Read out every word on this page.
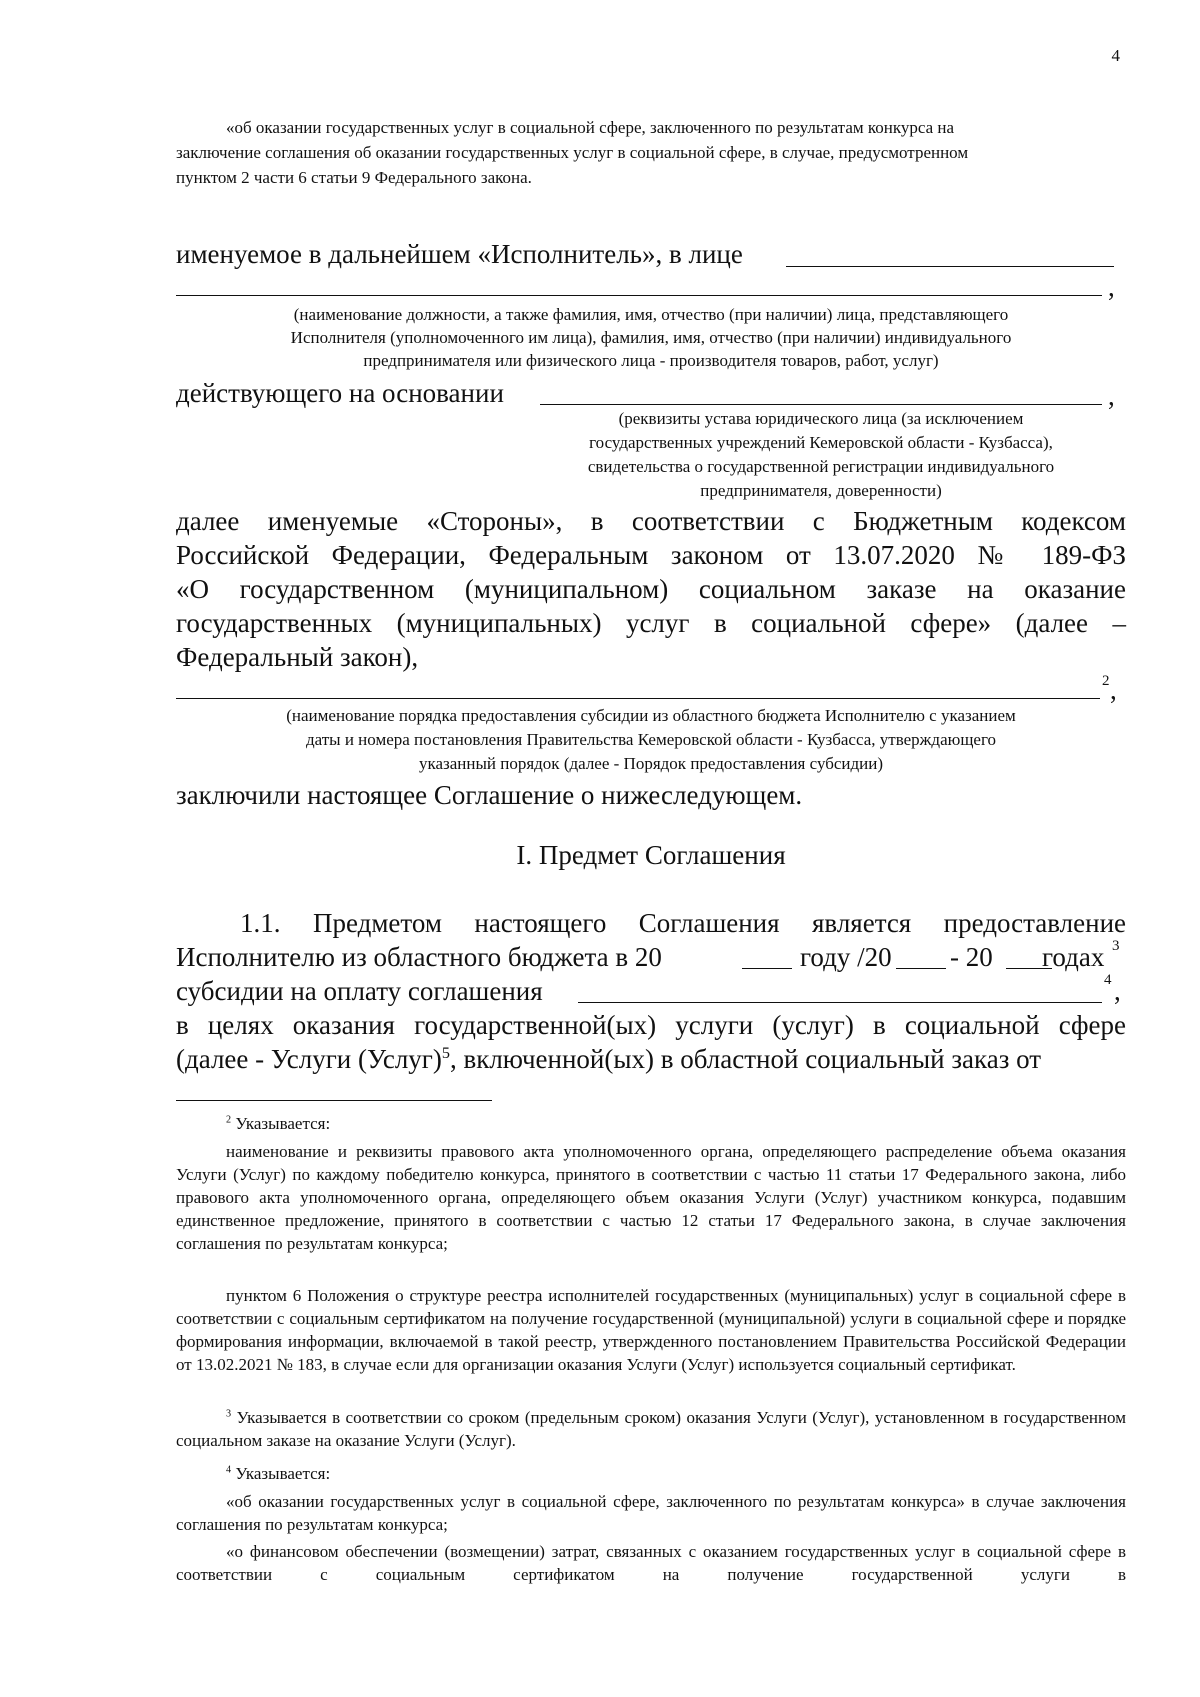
4
«об оказании государственных услуг в социальной сфере, заключенного по результатам конкурса на
заключение соглашения об оказании государственных услуг в социальной сфере, в случае, предусмотренном
пунктом 2 части 6 статьи 9 Федерального закона.
именуемое в дальнейшем «Исполнитель», в лице
,
(наименование должности, а также фамилия, имя, отчество (при наличии) лица, представляющего
Исполнителя (уполномоченного им лица), фамилия, имя, отчество (при наличии) индивидуального
предпринимателя или физического лица - производителя товаров, работ, услуг)
действующего на основании	,
(реквизиты устава юридического лица (за исключением
государственных учреждений Кемеровской области - Кузбасса),
свидетельства о государственной регистрации индивидуального
предпринимателя, доверенности)
далее именуемые «Стороны», в соответствии с Бюджетным кодексом
Российской Федерации, Федеральным законом от 13.07.2020 № 189-ФЗ
«О государственном (муниципальном) социальном заказе на оказание
государственных (муниципальных) услуг в социальной сфере» (далее –
Федеральный закон),
2 ,
(наименование порядка предоставления субсидии из областного бюджета Исполнителю с указанием
даты и номера постановления Правительства Кемеровской области - Кузбасса, утверждающего
указанный порядок (далее - Порядок предоставления субсидии)
заключили настоящее Соглашение о нижеследующем.
I. Предмет Соглашения
1.1. Предметом настоящего Соглашения является предоставление
Исполнителю из областного бюджета в 20	году /20 - 20 годах 3
субсидии на оплату соглашения	4 ,
в целях оказания государственной(ых) услуги (услуг) в социальной сфере
(далее - Услуги (Услуг)$^5$, включенной(ых) в областной социальный заказ от
$^2$ Указывается:
наименование и реквизиты правового акта уполномоченного органа, определяющего распределение объема оказания Услуги (Услуг) по каждому победителю конкурса, принятого в соответствии с частью 11 статьи 17 Федерального закона, либо правового акта уполномоченного органа, определяющего объем оказания Услуги (Услуг) участником конкурса, подавшим единственное предложение, принятого в соответствии с частью 12 статьи 17 Федерального закона, в случае заключения соглашения по результатам конкурса;
пунктом 6 Положения о структуре реестра исполнителей государственных (муниципальных) услуг в социальной сфере в соответствии с социальным сертификатом на получение государственной (муниципальной) услуги в социальной сфере и порядке формирования информации, включаемой в такой реестр, утвержденного постановлением Правительства Российской Федерации от 13.02.2021 № 183, в случае если для организации оказания Услуги (Услуг) используется социальный сертификат.
$^3$ Указывается в соответствии со сроком (предельным сроком) оказания Услуги (Услуг), установленном в государственном социальном заказе на оказание Услуги (Услуг).
$^4$ Указывается:
«об оказании государственных услуг в социальной сфере, заключенного по результатам конкурса» в случае заключения соглашения по результатам конкурса;
«о финансовом обеспечении (возмещении) затрат, связанных с оказанием государственных услуг в социальной сфере в соответствии с социальным сертификатом на получение государственной услуги в
